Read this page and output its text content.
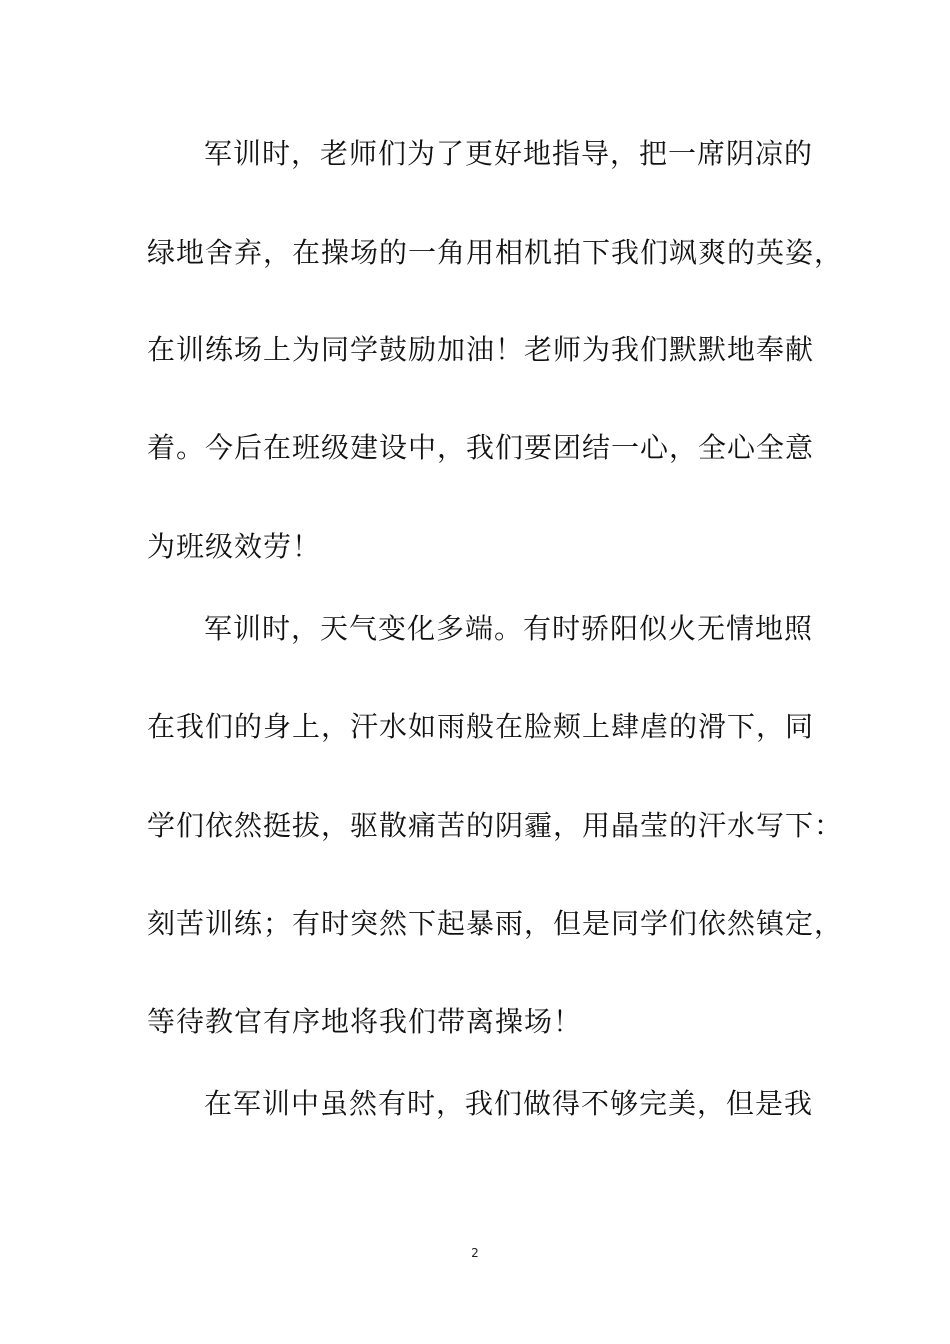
军训时，老师们为了更好地指导，把一席阴凉的
绿地舍弃，在操场的一角用相机拍下我们飒爽的英姿，
在训练场上为同学鼓励加油！老师为我们默默地奉献
着。今后在班级建设中，我们要团结一心，全心全意
为班级效劳！
军训时，天气变化多端。有时骄阳似火无情地照
在我们的身上，汗水如雨般在脸颊上肆虐的滑下，同
学们依然挺拔，驱散痛苦的阴霾，用晶莹的汗水写下：
刻苦训练；有时突然下起暴雨，但是同学们依然镇定，
等待教官有序地将我们带离操场！
在军训中虽然有时，我们做得不够完美，但是我
2
